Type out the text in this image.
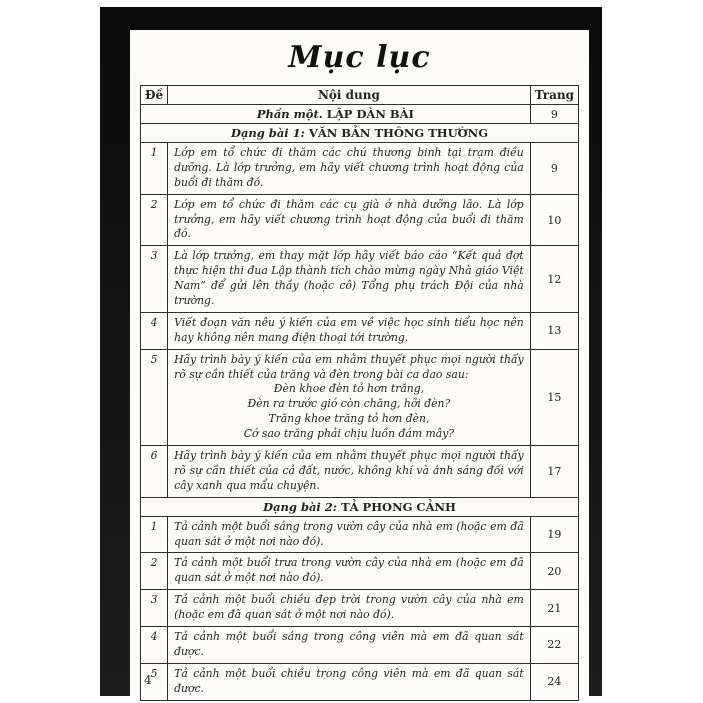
Mục lục
Đề	Nội dung	Trang
Phần một. LẬP DÀN BÀI		9
Dạng bài 1: VĂN BẢN THÔNG THƯỜNG		
1	Lớp em tổ chức đi thăm các chú thương binh tại trạm điều dưỡng. Là lớp trưởng, em hãy viết chương trình hoạt động của buổi đi thăm đó.	9
2	Lớp em tổ chức đi thăm các cụ già ở nhà dưỡng lão. Là lớp trưởng, em hãy viết chương trình hoạt động của buổi đi thăm đó.	10
3	Là lớp trưởng, em thay mặt lớp hãy viết báo cáo “Kết quả đợt thực hiện thi đua Lập thành tích chào mừng ngày Nhà giáo Việt Nam” để gửi lên thầy (hoặc cô) Tổng phụ trách Đội của nhà trường.	12
4	Viết đoạn văn nêu ý kiến của em về việc học sinh tiểu học nên hay không nên mang điện thoại tới trường.	13
5	Hãy trình bày ý kiến của em nhằm thuyết phục mọi người thấy rõ sự cần thiết của trăng và đèn trong bài ca dao sau:
Đèn khoe đèn tỏ hơn trăng,
Đèn ra trước gió còn chăng, hỡi đèn?
Trăng khoe trăng tỏ hơn đèn,
Cớ sao trăng phải chịu luồn đám mây?	15
6	Hãy trình bày ý kiến của em nhằm thuyết phục mọi người thấy rõ sự cần thiết của cả đất, nước, không khí và ánh sáng đối với cây xanh qua mẩu chuyện.	17
Dạng bài 2: TẢ PHONG CẢNH		
1	Tả cảnh một buổi sáng trong vườn cây của nhà em (hoặc em đã quan sát ở một nơi nào đó).	19
2	Tả cảnh một buổi trưa trong vườn cây của nhà em (hoặc em đã quan sát ở một nơi nào đó).	20
3	Tả cảnh một buổi chiều đẹp trời trong vườn cây của nhà em (hoặc em đã quan sát ở một nơi nào đó).	21
4	Tả cảnh một buổi sáng trong công viên mà em đã quan sát được.	22
5	Tả cảnh một buổi chiều trong công viên mà em đã quan sát được.	24
4
